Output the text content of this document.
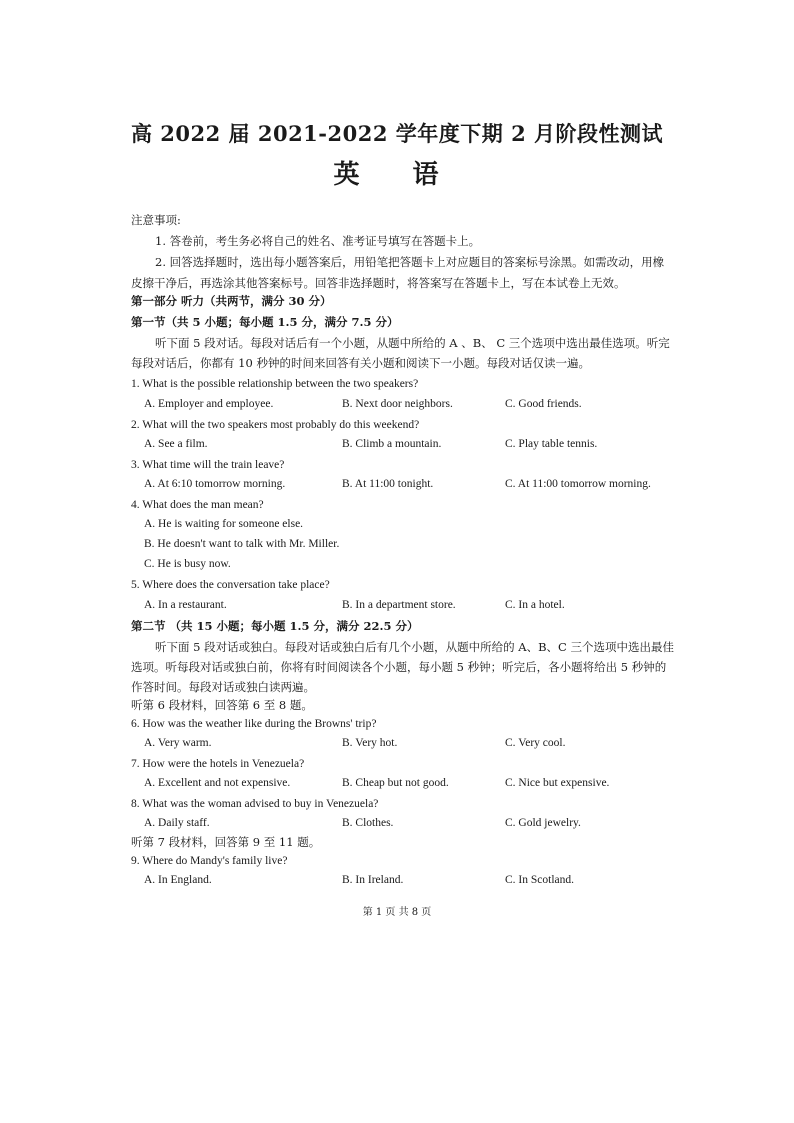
高 2022 届 2021-2022 学年度下期 2 月阶段性测试
英 语
注意事项:
1. 答卷前，考生务必将自己的姓名、准考证号填写在答题卡上。
2. 回答选择题时，选出每小题答案后，用铅笔把答题卡上对应题目的答案标号涂黑。如需改动，用橡
皮擦干净后，再选涂其他答案标号。回答非选择题时，将答案写在答题卡上，写在本试卷上无效。
第一部分 听力（共两节，满分 30 分）
第一节（共 5 小题；每小题 1.5 分，满分 7.5 分）
听下面 5 段对话。每段对话后有一个小题，从题中所给的 A 、B、 C 三个选项中选出最佳选项。听完
每段对话后，你都有 10 秒钟的时间来回答有关小题和阅读下一小题。每段对话仅读一遍。
1. What is the possible relationship between the two speakers?
A. Employer and employee.	B. Next door neighbors.	C. Good friends.
2. What will the two speakers most probably do this weekend?
A. See a film.	B. Climb a mountain.	C. Play table tennis.
3. What time will the train leave?
A. At 6:10 tomorrow morning.	B. At 11:00 tonight.	C. At 11:00 tomorrow morning.
4. What does the man mean?
A. He is waiting for someone else.
B. He doesn't want to talk with Mr. Miller.
C. He is busy now.
5. Where does the conversation take place?
A. In a restaurant.	B. In a department store.	C. In a hotel.
第二节 （共 15 小题；每小题 1.5 分，满分 22.5 分）
听下面 5 段对话或独白。每段对话或独白后有几个小题，从题中所给的 A、B、C 三个选项中选出最佳
选项。听每段对话或独白前，你将有时间阅读各个小题，每小题 5 秒钟；听完后，各小题将给出 5 秒钟的
作答时间。每段对话或独白读两遍。
听第 6 段材料，回答第 6 至 8 题。
6. How was the weather like during the Browns' trip?
A. Very warm.	B. Very hot.	C. Very cool.
7. How were the hotels in Venezuela?
A. Excellent and not expensive.	B. Cheap but not good.	C. Nice but expensive.
8. What was the woman advised to buy in Venezuela?
A. Daily staff.	B. Clothes.	C. Gold jewelry.
听第 7 段材料，回答第 9 至 11 题。
9. Where do Mandy's family live?
A. In England.	B. In Ireland.	C. In Scotland.
第 1 页 共 8 页
